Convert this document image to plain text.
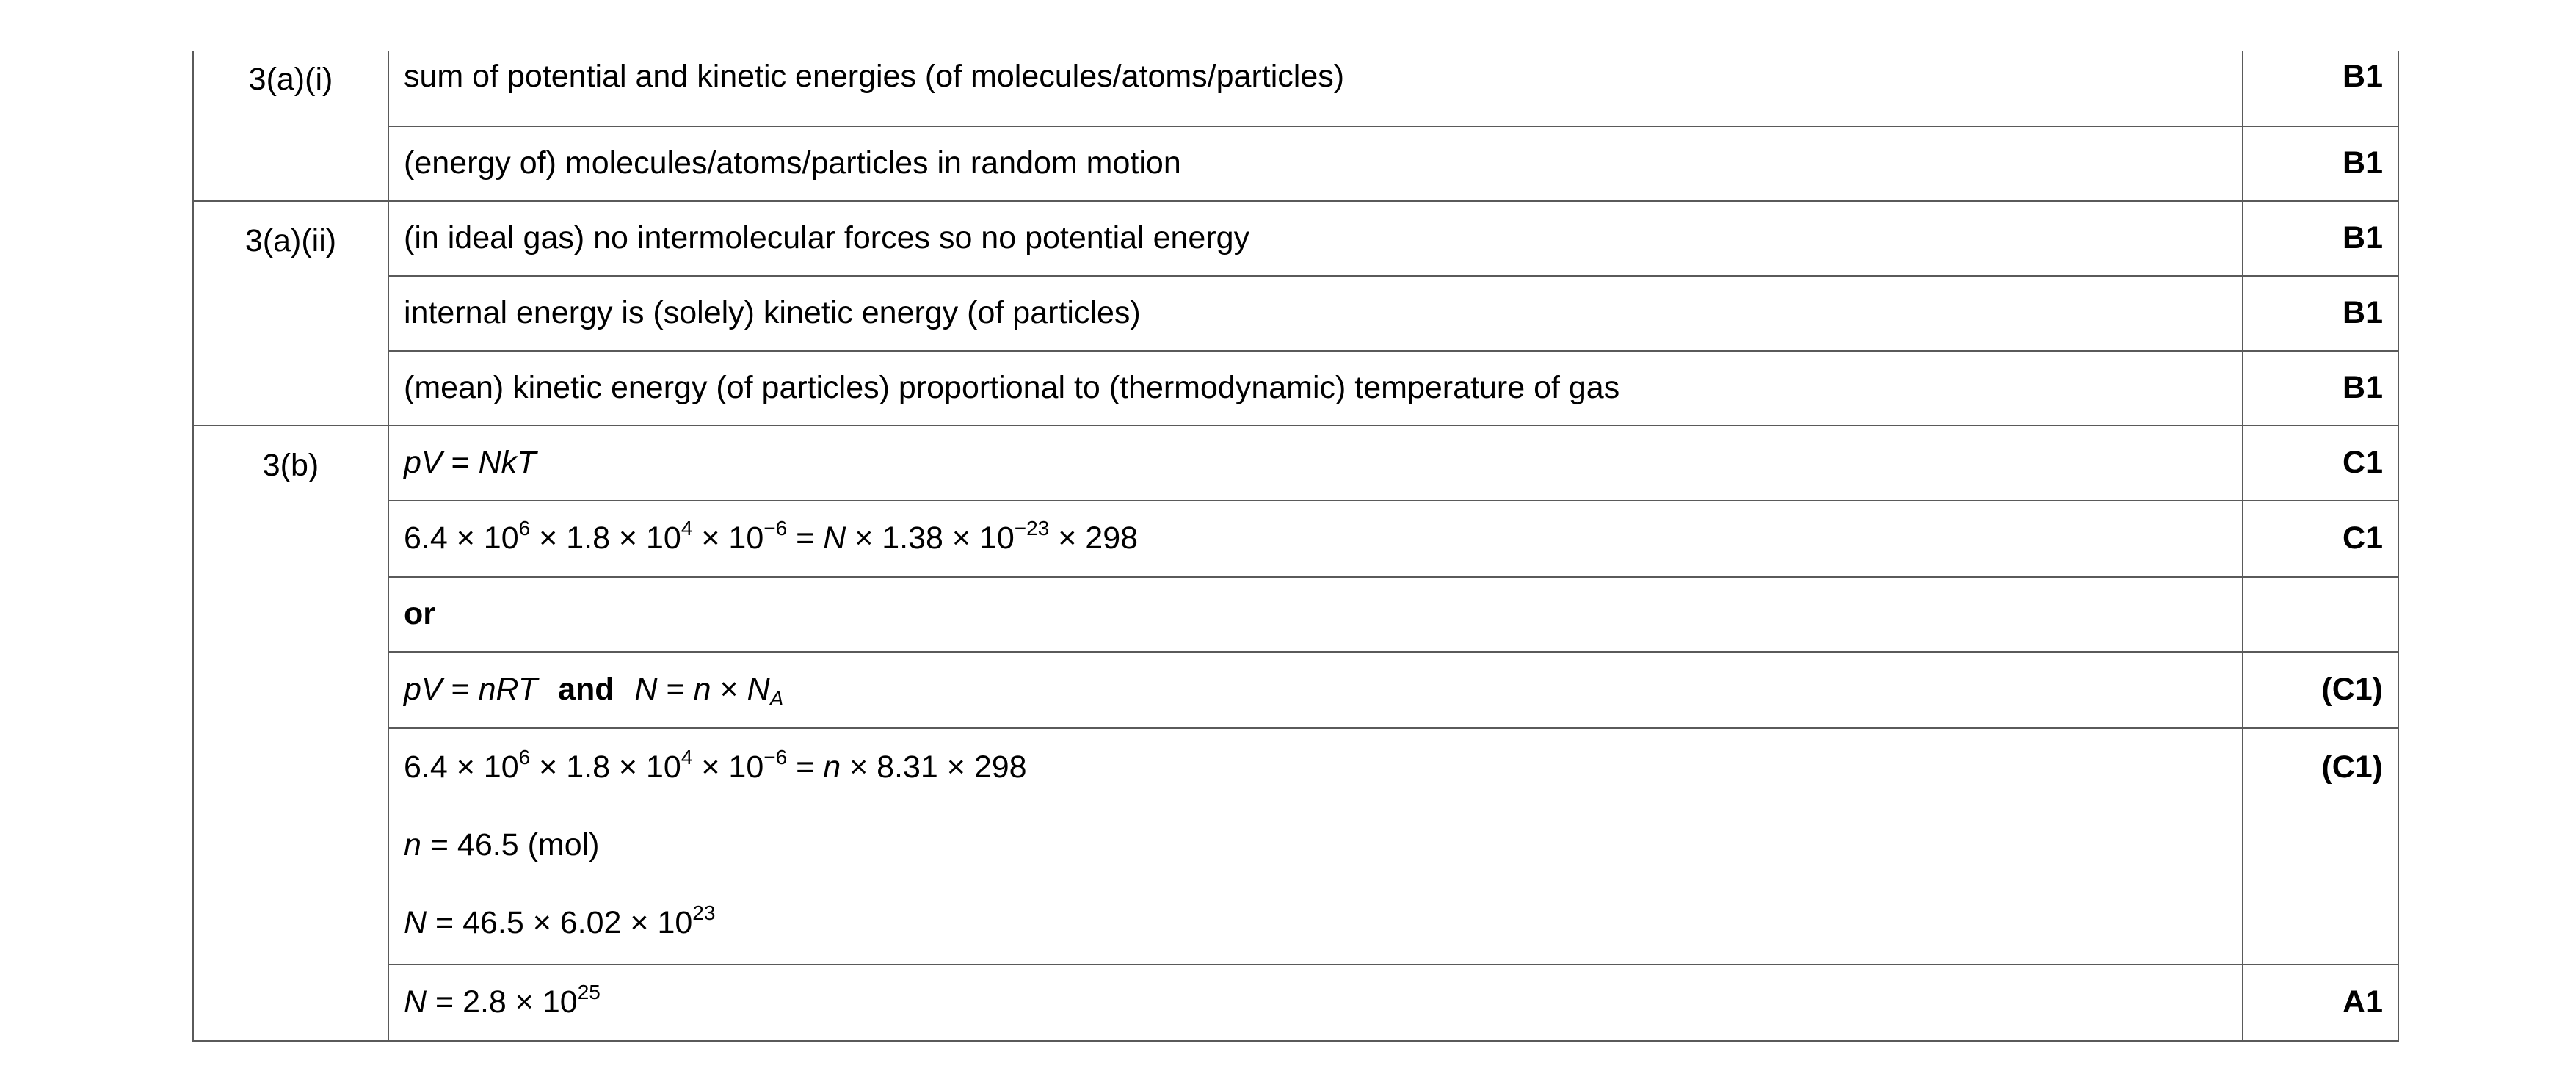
3(a)(i)	sum of potential and kinetic energies (of molecules/atoms/particles)	B1

	(energy of) molecules/atoms/particles in random motion	B1

3(a)(ii)	(in ideal gas) no intermolecular forces so no potential energy	B1

	internal energy is (solely) kinetic energy (of particles)	B1

	(mean) kinetic energy (of particles) proportional to (thermodynamic) temperature of gas	B1

3(b)	pV = NkT	C1

	$6.4 \times 10^6 \times 1.8 \times 10^4 \times 10^{-6} = N \times 1.38 \times 10^{-23} \times 298$	C1

	or	

	pV = nRT and $N = n \times N_A$	(C1)

	$6.4 \times 10^6 \times 1.8 \times 10^4 \times 10^{-6} = n \times 8.31 \times 298$
n = 46.5 (mol)
$N = 46.5 \times 6.02 \times 10^{23}$	(C1)

	$N = 2.8 \times 10^{25}$	A1
